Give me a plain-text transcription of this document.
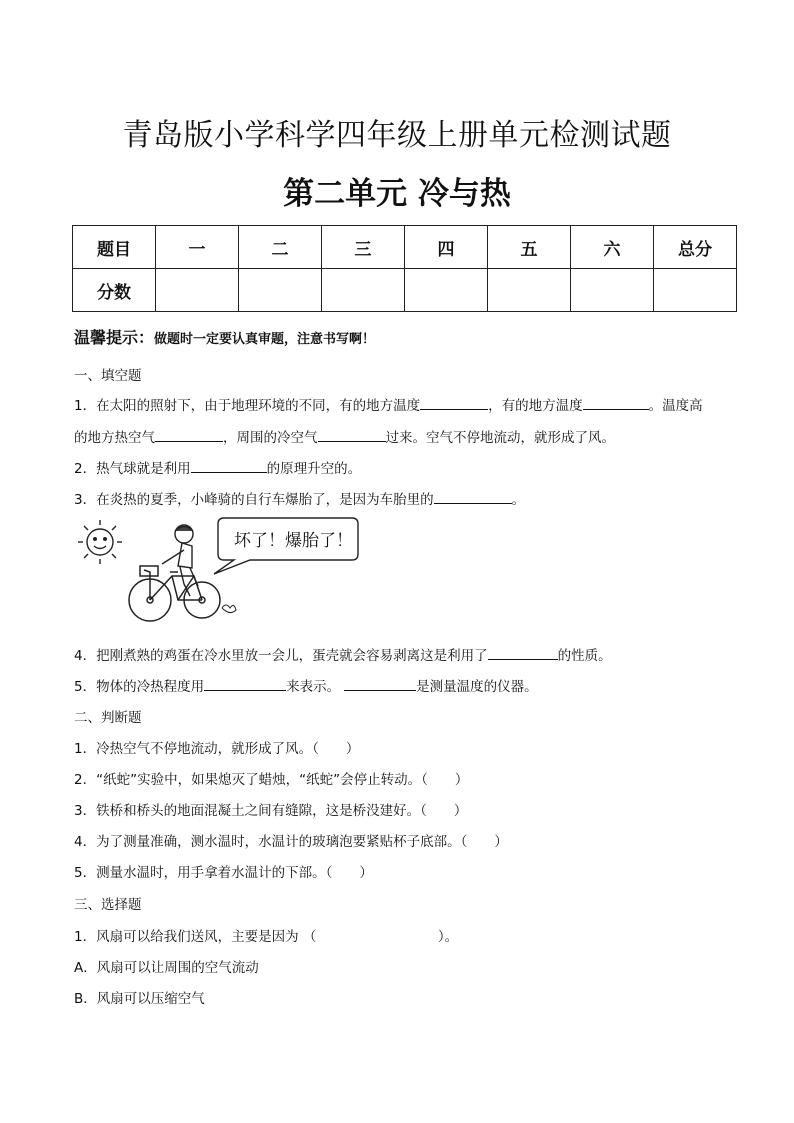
青岛版小学科学四年级上册单元检测试题
第二单元 冷与热
题目	一	二	三	四	五	六	总分
分数							
温馨提示：做题时一定要认真审题，注意书写啊！
一、填空题
1．在太阳的照射下，由于地理环境的不同，有的地方温度	，有的地方温度	。温度高
的地方热空气	，周围的冷空气	过来。空气不停地流动，就形成了风。
2．热气球就是利用	的原理升空的。
3．在炎热的夏季，小峰骑的自行车爆胎了，是因为车胎里的	。
坏了！爆胎了！
4．把刚煮熟的鸡蛋在冷水里放一会儿，蛋壳就会容易剥离这是利用了	的性质。
5．物体的冷热程度用	来表示。	是测量温度的仪器。
二、判断题
1．冷热空气不停地流动，就形成了风。（　　）
2．“纸蛇”实验中，如果熄灭了蜡烛，“纸蛇”会停止转动。（　　）
3．铁桥和桥头的地面混凝土之间有缝隙，这是桥没建好。（　　）
4．为了测量准确，测水温时，水温计的玻璃泡要紧贴杯子底部。（　　）
5．测量水温时，用手拿着水温计的下部。（　　）
三、选择题
1．风扇可以给我们送风，主要是因为 （　　　　　　　　　）。
A．风扇可以让周围的空气流动
B．风扇可以压缩空气
